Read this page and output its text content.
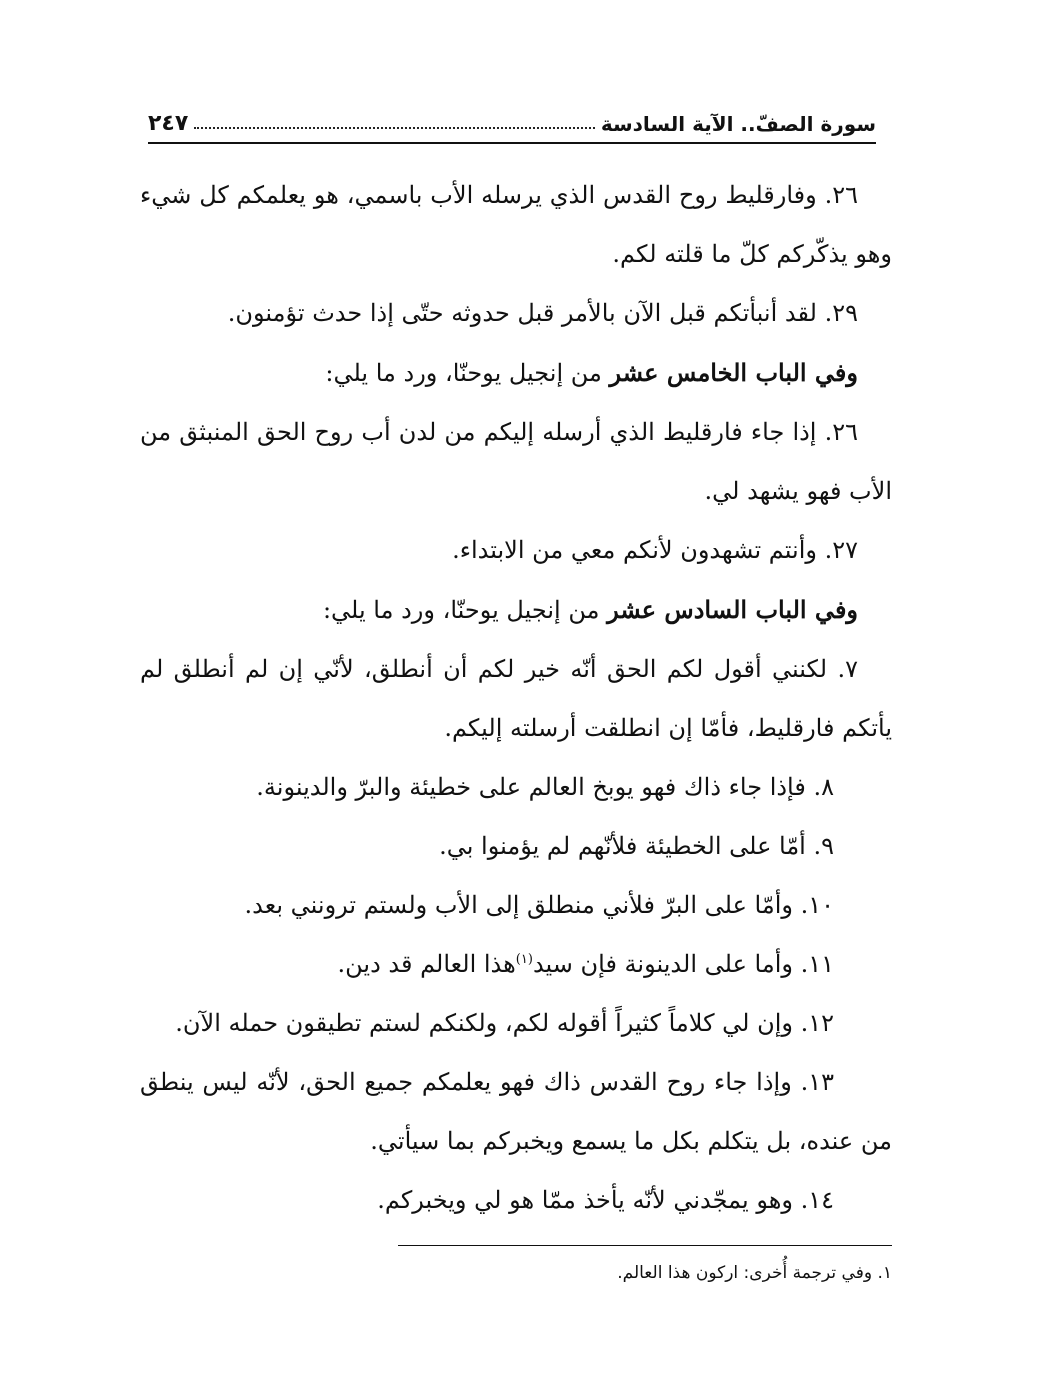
سورة الصفّ.. الآية السادسة
٢٤٧

٢٦. وفارقليط روح القدس الذي يرسله الأب باسمي، هو يعلمكم كل شيء وهو يذكّركم كلّ ما قلته لكم.

٢٩. لقد أنبأتكم قبل الآن بالأمر قبل حدوثه حتّى إذا حدث تؤمنون.

وفي الباب الخامس عشر من إنجيل يوحنّا، ورد ما يلي:

٢٦. إذا جاء فارقليط الذي أرسله إليكم من لدن أب روح الحق المنبثق من الأب فهو يشهد لي.

٢٧. وأنتم تشهدون لأنكم معي من الابتداء.

وفي الباب السادس عشر من إنجيل يوحنّا، ورد ما يلي:

٧. لكنني أقول لكم الحق أنّه خير لكم أن أنطلق، لأنّي إن لم أنطلق لم يأتكم فارقليط، فأمّا إن انطلقت أرسلته إليكم.

٨. فإذا جاء ذاك فهو يوبخ العالم على خطيئة والبرّ والدينونة.

٩. أمّا على الخطيئة فلأنّهم لم يؤمنوا بي.

١٠. وأمّا على البرّ فلأني منطلق إلى الأب ولستم ترونني بعد.

١١. وأما على الدينونة فإن سيد$^{(١)}$هذا العالم قد دين.

١٢. وإن لي كلاماً كثيراً أقوله لكم، ولكنكم لستم تطيقون حمله الآن.

١٣. وإذا جاء روح القدس ذاك فهو يعلمكم جميع الحق، لأنّه ليس ينطق من عنده، بل يتكلم بكل ما يسمع ويخبركم بما سيأتي.

١٤. وهو يمجّدني لأنّه يأخذ ممّا هو لي ويخبركم.

١. وفي ترجمة أُخرى: اركون هذا العالم.
